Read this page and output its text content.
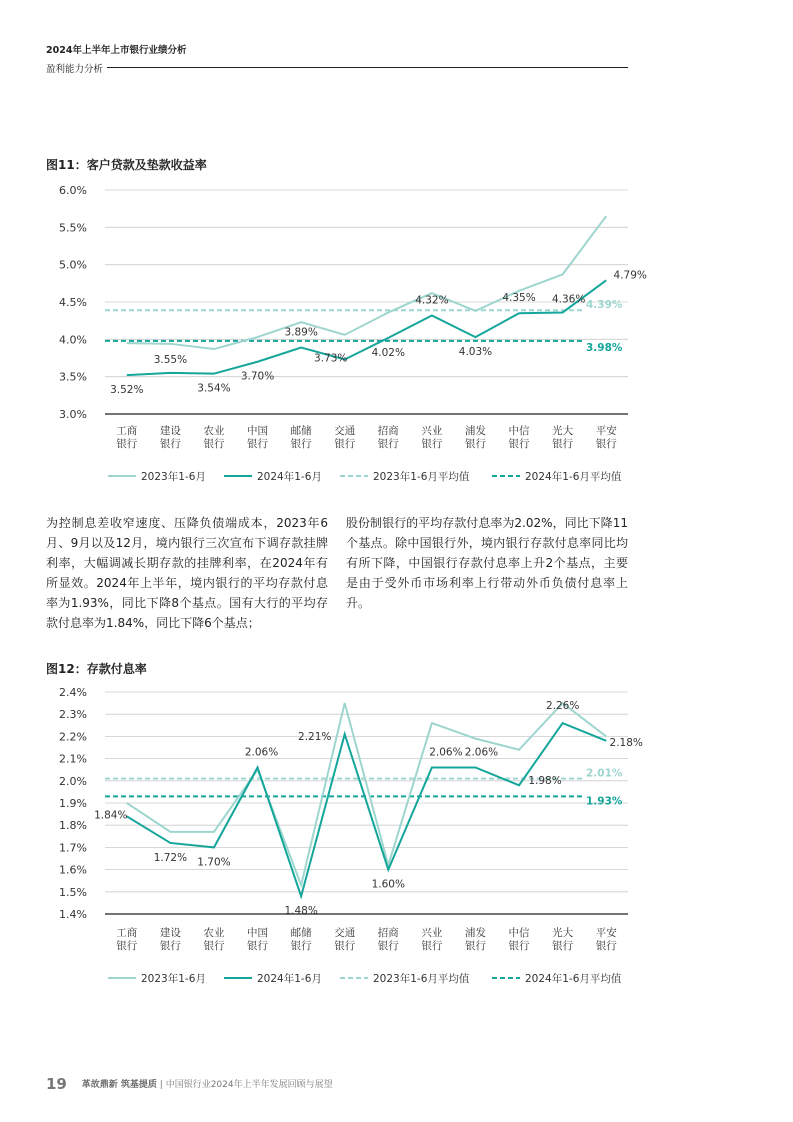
2024年上半年上市银行业绩分析
盈利能力分析
图11：客户贷款及垫款收益率
3.0%
3.5%
4.0%
4.5%
5.0%
5.5%
6.0%
工商
银行
建设
银行
农业
银行
中国
银行
邮储
银行
交通
银行
招商
银行
兴业
银行
浦发
银行
中信
银行
光大
银行
平安
银行
4.39%
3.98%
3.52%
3.55%
3.54%
3.70%
3.89%
3.73% 4.02%
4.32%
4.03%
4.35% 4.36%
4.79%
2023年1-6月	2024年1-6月	2023年1-6月平均值	2024年1-6月平均值
为控制息差收窄速度、压降负债端成本，2023年6月、9月以及12月，境内银行三次宣布下调存款挂牌利率，大幅调减长期存款的挂牌利率，在2024年有所显效。2024年上半年，境内银行的平均存款付息率为1.93%，同比下降8个基点。国有大行的平均存款付息率为1.84%，同比下降6个基点；
股份制银行的平均存款付息率为2.02%，同比下降11个基点。除中国银行外，境内银行存款付息率同比均有所下降，中国银行存款付息率上升2个基点，主要是由于受外币市场利率上行带动外币负债付息率上升。
图12：存款付息率
1.4%
1.5%
1.6%
1.7%
1.8%
1.9%
2.0%
2.1%
2.2%
2.3%
2.4%
工商
银行
建设
银行
农业
银行
中国
银行
邮储
银行
交通
银行
招商
银行
兴业
银行
浦发
银行
中信
银行
光大
银行
平安
银行
2.01%
1.93%
1.84%
1.72% 1.70%
2.06%
1.48%
2.21%
1.60%
2.06% 2.06%
1.98%
2.26%
2.18%
2023年1-6月	2024年1-6月	2023年1-6月平均值	2024年1-6月平均值
19 革故鼎新 筑基提质 | 中国银行业2024年上半年发展回顾与展望
